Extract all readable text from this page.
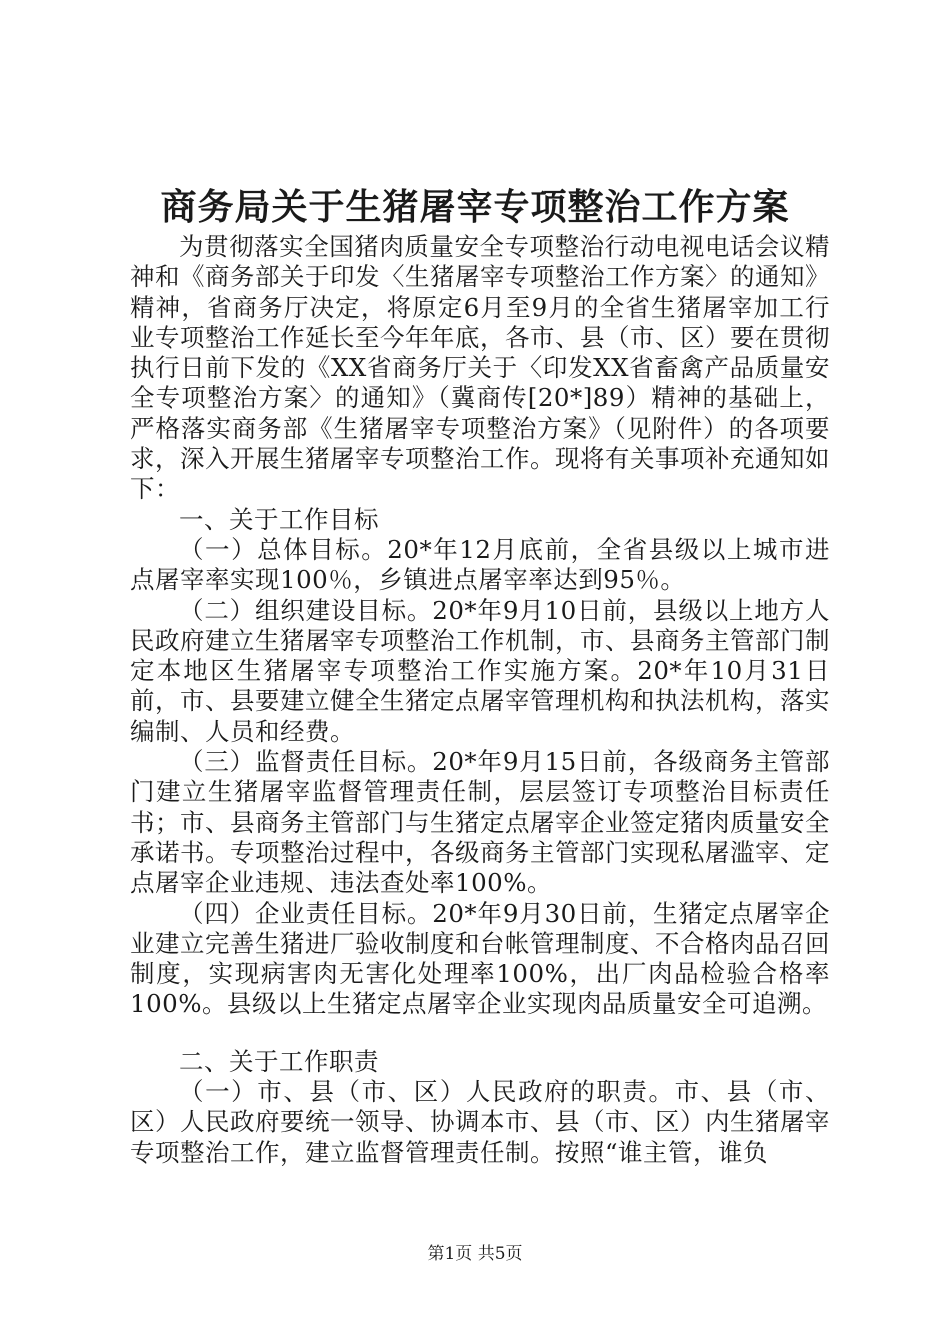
商务局关于生猪屠宰专项整治工作方案

为贯彻落实全国猪肉质量安全专项整治行动电视电话会议精神和《商务部关于印发〈生猪屠宰专项整治工作方案〉的通知》精神，省商务厅决定，将原定6月至9月的全省生猪屠宰加工行业专项整治工作延长至今年年底，各市、县（市、区）要在贯彻执行日前下发的《XX省商务厅关于〈印发XX省畜禽产品质量安全专项整治方案〉的通知》（冀商传[20*]89）精神的基础上，严格落实商务部《生猪屠宰专项整治方案》（见附件）的各项要求，深入开展生猪屠宰专项整治工作。现将有关事项补充通知如下：

一、关于工作目标

（一）总体目标。20*年12月底前，全省县级以上城市进点屠宰率实现100％，乡镇进点屠宰率达到95％。

（二）组织建设目标。20*年9月10日前，县级以上地方人民政府建立生猪屠宰专项整治工作机制，市、县商务主管部门制定本地区生猪屠宰专项整治工作实施方案。20*年10月31日前，市、县要建立健全生猪定点屠宰管理机构和执法机构，落实编制、人员和经费。

（三）监督责任目标。20*年9月15日前，各级商务主管部门建立生猪屠宰监督管理责任制，层层签订专项整治目标责任书；市、县商务主管部门与生猪定点屠宰企业签定猪肉质量安全承诺书。专项整治过程中，各级商务主管部门实现私屠滥宰、定点屠宰企业违规、违法查处率100%。

（四）企业责任目标。20*年9月30日前，生猪定点屠宰企业建立完善生猪进厂验收制度和台帐管理制度、不合格肉品召回制度，实现病害肉无害化处理率100%，出厂肉品检验合格率100%。县级以上生猪定点屠宰企业实现肉品质量安全可追溯。

二、关于工作职责

（一）市、县（市、区）人民政府的职责。市、县（市、区）人民政府要统一领导、协调本市、县（市、区）内生猪屠宰专项整治工作，建立监督管理责任制。按照“谁主管，谁负

第1页 共5页
